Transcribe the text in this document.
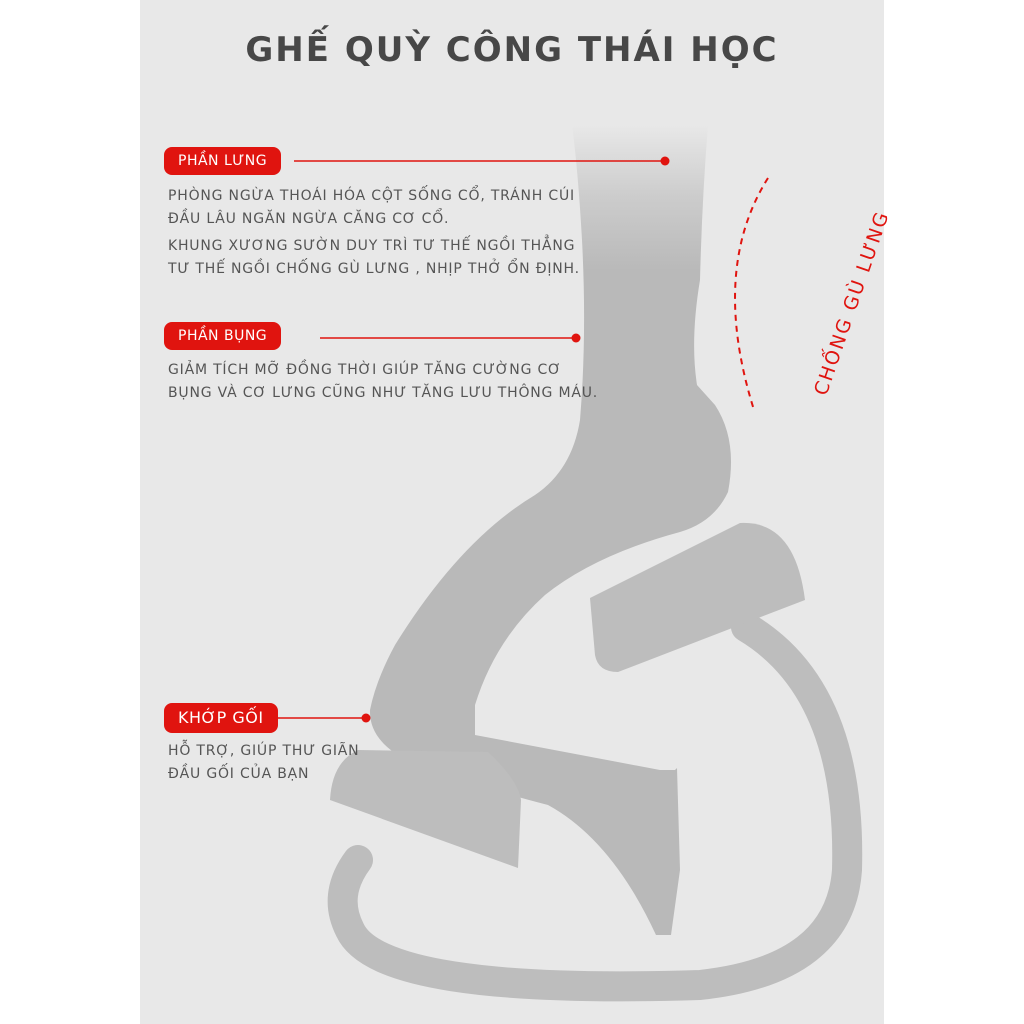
GHẾ QUỲ CÔNG THÁI HỌC
PHẦN LƯNG

PHÒNG NGỪA THOÁI HÓA CỘT SỐNG CỔ, TRÁNH CÚI

ĐẦU LÂU NGĂN NGỪA CĂNG CƠ CỔ.

KHUNG XƯƠNG SƯỜN DUY TRÌ TƯ THẾ NGỒI THẲNG

TƯ THẾ NGỒI CHỐNG GÙ LƯNG , NHỊP THỞ ỔN ĐỊNH.

PHẦN BỤNG

GIẢM TÍCH MỠ ĐỒNG THỜI GIÚP TĂNG CƯỜNG CƠ

BỤNG VÀ CƠ LƯNG CŨNG NHƯ TĂNG LƯU THÔNG MÁU.

KHỚP GỐI

HỖ TRỢ, GIÚP THƯ GIÃN

ĐẦU GỐI CỦA BẠN

CHỐNG GÙ LƯNG
